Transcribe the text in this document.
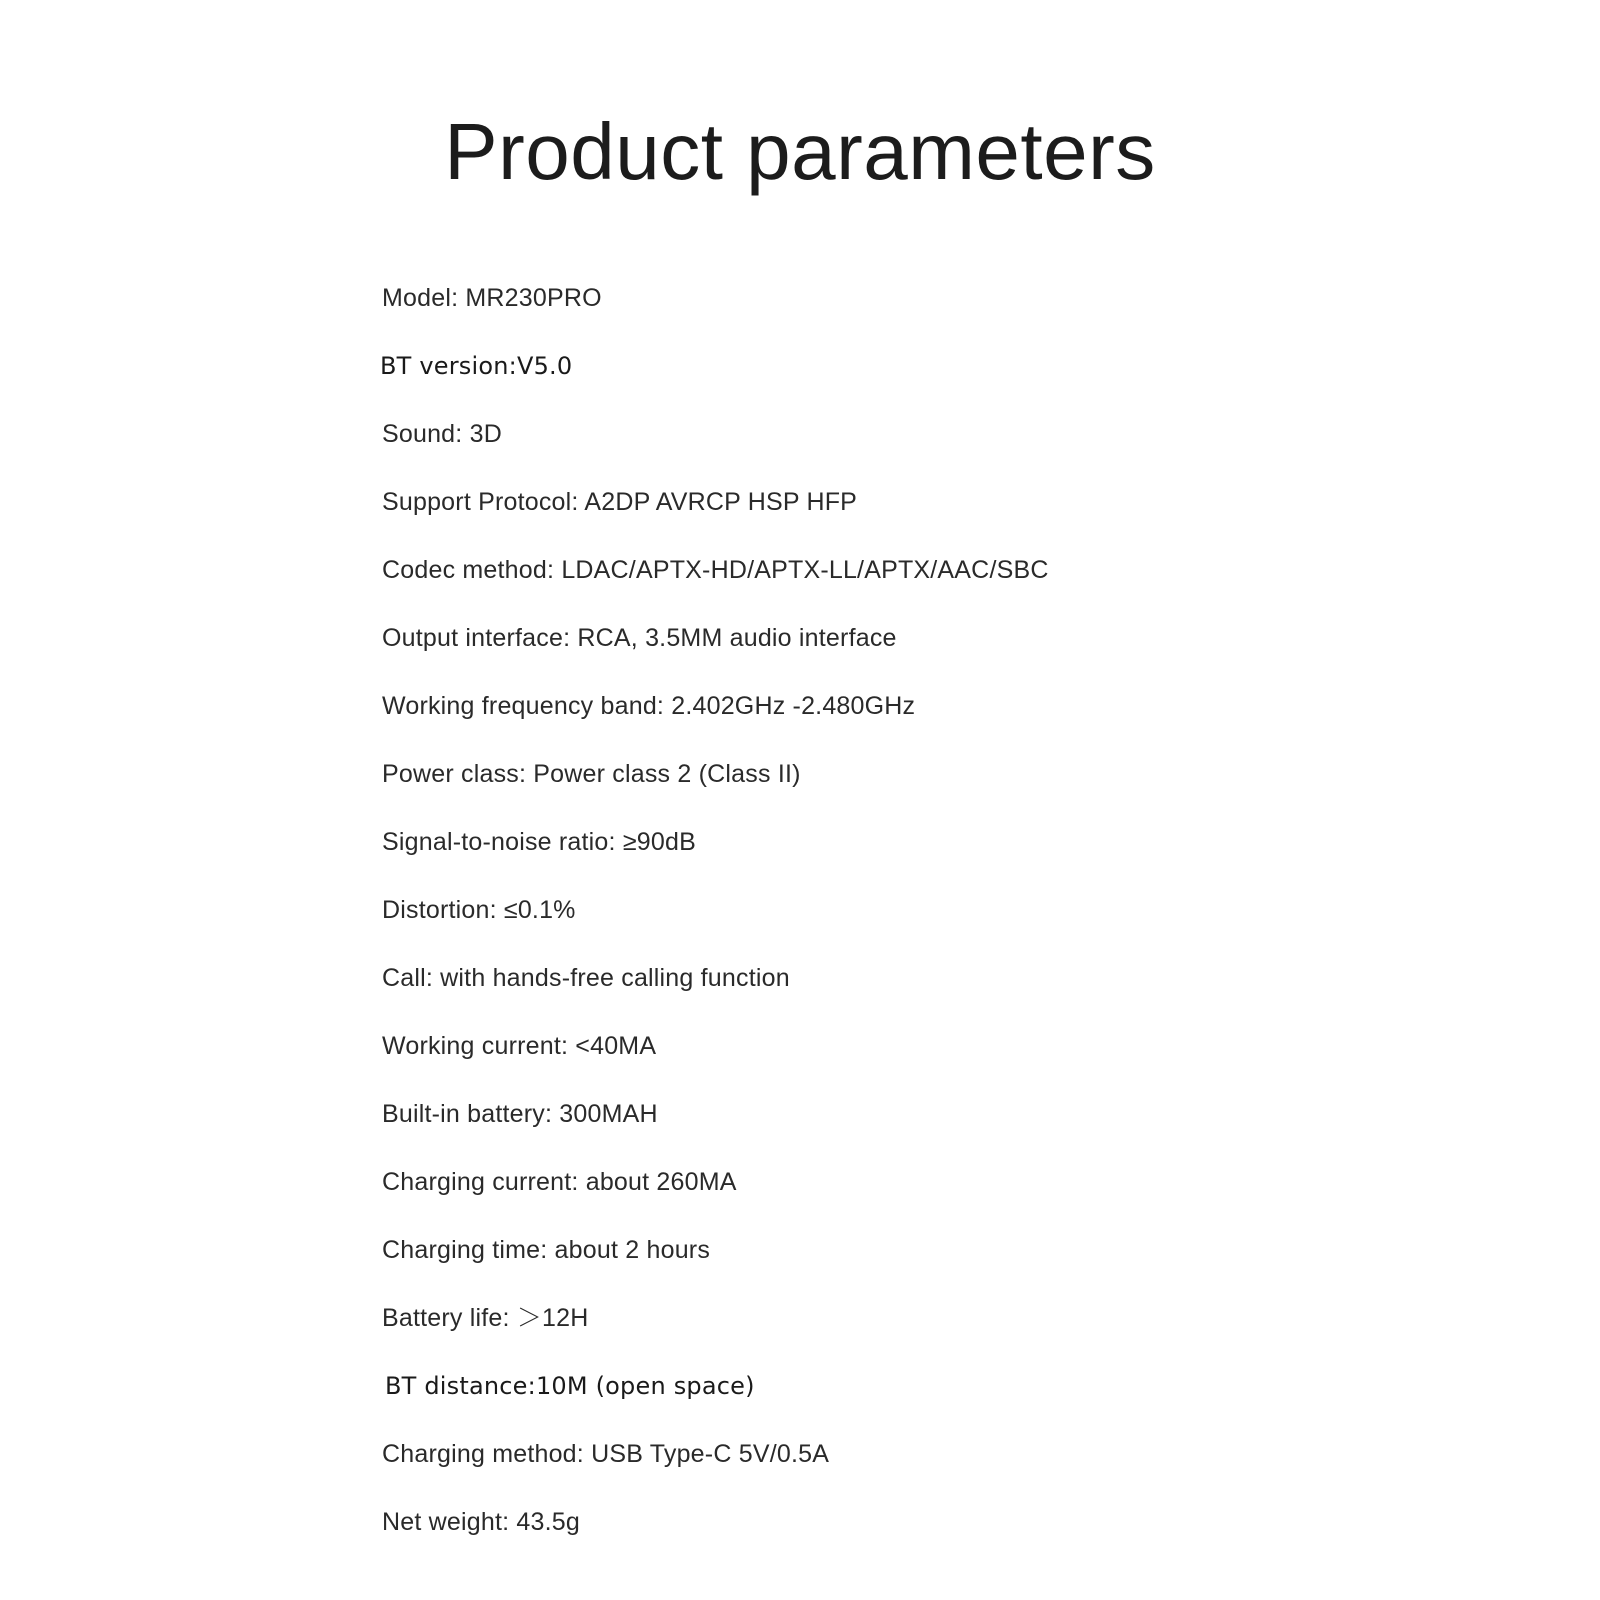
Product parameters
Model: MR230PRO
BT version:V5.0
Sound: 3D
Support Protocol: A2DP AVRCP HSP HFP
Codec method: LDAC/APTX-HD/APTX-LL/APTX/AAC/SBC
Output interface: RCA, 3.5MM audio interface
Working frequency band: 2.402GHz -2.480GHz
Power class: Power class 2 (Class II)
Signal-to-noise ratio: ≥90dB
Distortion: ≤0.1%
Call: with hands-free calling function
Working current: <40MA
Built-in battery: 300MAH
Charging current: about 260MA
Charging time: about 2 hours
Battery life: ＞12H
BT distance:10M (open space)
Charging method: USB Type-C 5V/0.5A
Net weight: 43.5g
